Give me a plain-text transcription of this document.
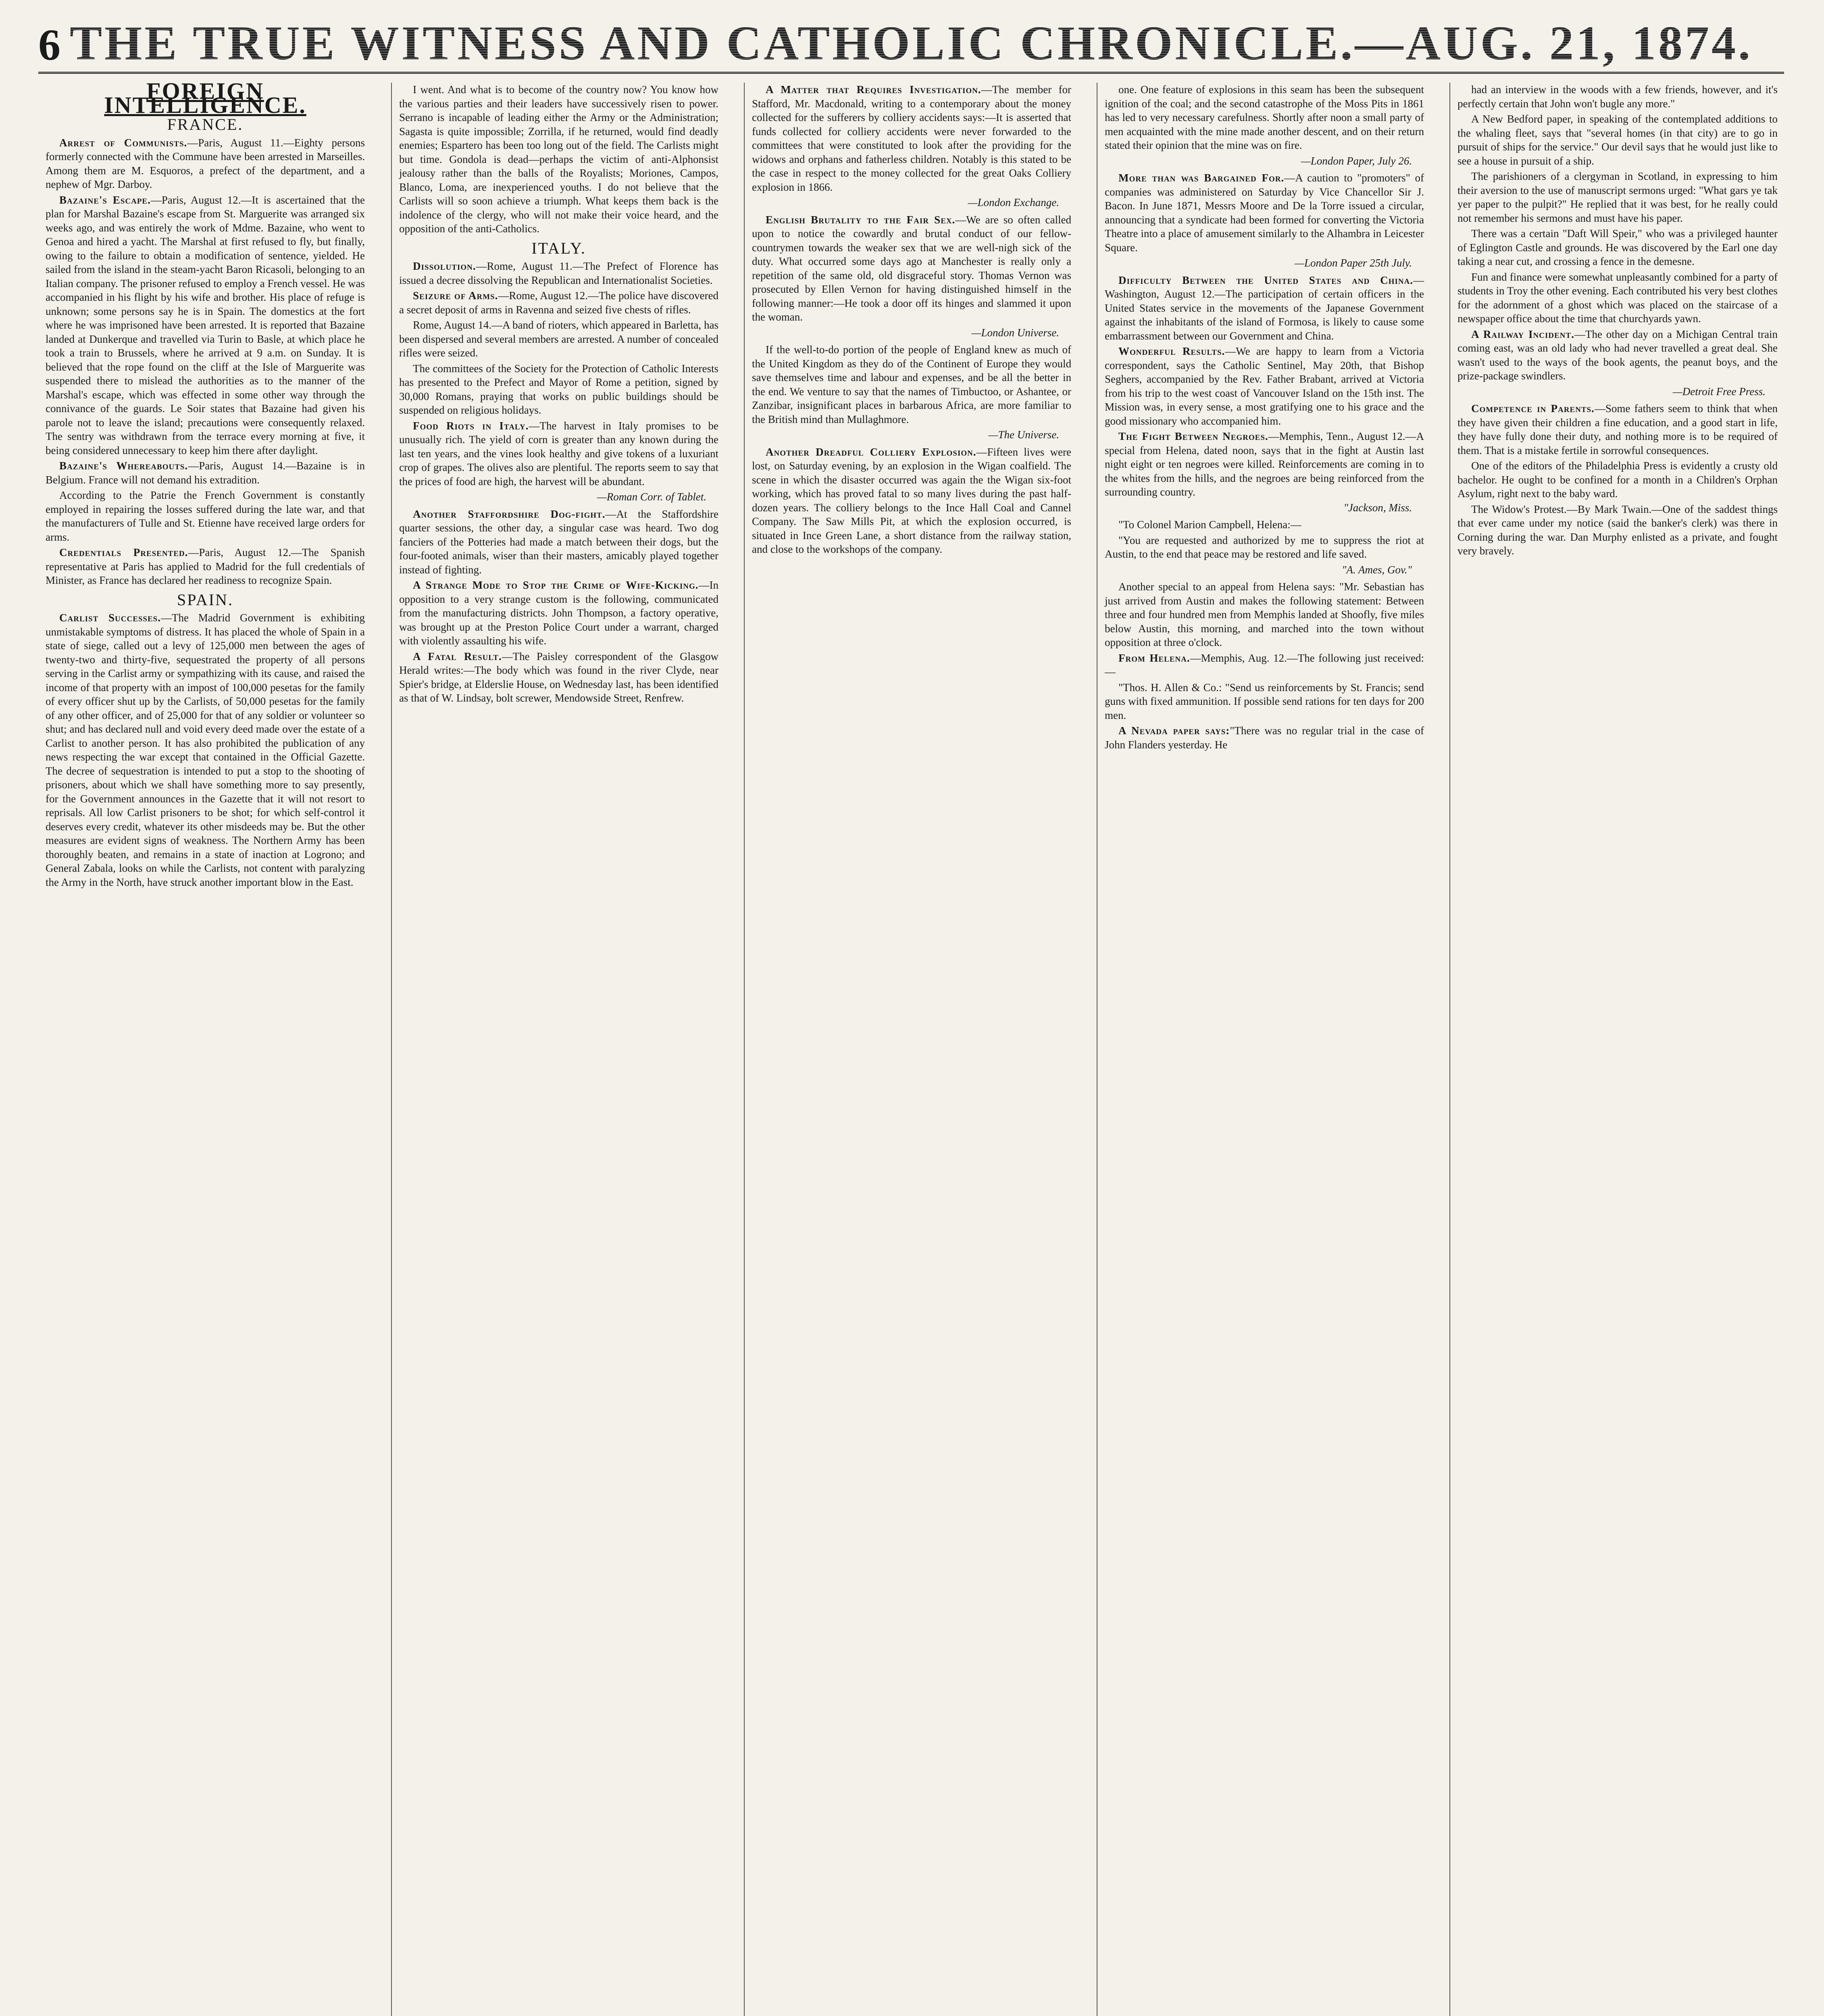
THE TRUE WITNESS AND CATHOLIC CHRONICLE.—AUG. 21, 1874.
FOREIGN INTELLIGENCE.
FRANCE.

Arrest of Communists.—Paris, August 11.—Eighty persons formerly connected with the Commune have been arrested in Marseilles. Among them are M. Esquoros, a prefect of the department, and a nephew of Mgr. Darboy.

Bazaine's Escape.—Paris, August 12.—It is ascertained that the plan for Marshal Bazaine's escape from St. Marguerite was arranged six weeks ago, and was entirely the work of Mdme. Bazaine, who went to Genoa and hired a yacht. The Marshal at first refused to fly, but finally, owing to the failure to obtain a modification of sentence, yielded. He sailed from the island in the steam-yacht Baron Ricasoli, belonging to an Italian company. The prisoner refused to employ a French vessel. He was accompanied in his flight by his wife and brother. His place of refuge is unknown; some persons say he is in Spain. The domestics at the fort where he was imprisoned have been arrested. It is reported that Bazaine landed at Dunkerque and travelled via Turin to Basle, at which place he took a train to Brussels, where he arrived at 9 a.m. on Sunday. It is believed that the rope found on the cliff at the Isle of Marguerite was suspended there to mislead the authorities as to the manner of the Marshal's escape, which was effected in some other way through the connivance of the guards. Le Soir states that Bazaine had given his parole not to leave the island; precautions were consequently relaxed. The sentry was withdrawn from the terrace every morning at five, it being considered unnecessary to keep him there after daylight.

Bazaine's Whereabouts.—Paris, August 14.—Bazaine is in Belgium. France will not demand his extradition.

According to the Patrie the French Government is constantly employed in repairing the losses suffered during the late war, and that the manufacturers of Tulle and St. Etienne have received large orders for arms.

Credentials Presented.—Paris, August 12.—The Spanish representative at Paris has applied to Madrid for the full credentials of Minister, as France has declared her readiness to recognize Spain.

SPAIN.

Carlist Successes.—The Madrid Government is exhibiting unmistakable symptoms of distress. It has placed the whole of Spain in a state of siege, called out a levy of 125,000 men between the ages of twenty-two and thirty-five, sequestrated the property of all persons serving in the Carlist army or sympathizing with its cause, and raised the income of that property with an impost of 100,000 pesetas for the family of every officer shut up by the Carlists, of 50,000 pesetas for the family of any other officer, and of 25,000 for that of any soldier or volunteer so shut; and has declared null and void every deed made over the estate of a Carlist to another person. It has also prohibited the publication of any news respecting the war except that contained in the Official Gazette. The decree of sequestration is intended to put a stop to the shooting of prisoners, about which we shall have something more to say presently, for the Government announces in the Gazette that it will not resort to reprisals. All low Carlist prisoners to be shot; for which self-control it deserves every credit, whatever its other misdeeds may be. But the other measures are evident signs of weakness. The Northern Army has been thoroughly beaten, and remains in a state of inaction at Logrono; and General Zabala, looks on while the Carlists, not content with paralyzing the Army in the North, have struck another important blow in the East.

I went. And what is to become of the country now? You know how the various parties and their leaders have successively risen to power. Serrano is incapable of leading either the Army or the Administration; Sagasta is quite impossible; Zorrilla, if he returned, would find deadly enemies; Espartero has been too long out of the field. The Carlists might but time. Gondola is dead—perhaps the victim of anti-Alphonsist jealousy rather than the balls of the Royalists; Moriones, Campos, Blanco, Loma, are inexperienced youths. I do not believe that the Carlists will so soon achieve a triumph. What keeps them back is the indolence of the clergy, who will not make their voice heard, and the opposition of the anti-Catholics.

ITALY.

Dissolution.—Rome, August 11.—The Prefect of Florence has issued a decree dissolving the Republican and Internationalist Societies.

Seizure of Arms.—Rome, August 12.—The police have discovered a secret deposit of arms in Ravenna and seized five chests of rifles.

Rome, August 14.—A band of rioters, which appeared in Barletta, has been dispersed and several members are arrested. A number of concealed rifles were seized.

The committees of the Society for the Protection of Catholic Interests has presented to the Prefect and Mayor of Rome a petition, signed by 30,000 Romans, praying that works on public buildings should be suspended on religious holidays.

Food Riots in Italy.—The harvest in Italy promises to be unusually rich. The yield of corn is greater than any known during the last ten years, and the vines look healthy and give tokens of a luxuriant crop of grapes. The olives also are plentiful. The reports seem to say that the prices of food are high, the harvest will be abundant.

—Roman Corr. of Tablet.

Another Staffordshire Dog-fight.—At the Staffordshire quarter sessions, the other day, a singular case was heard. Two dog fanciers of the Potteries had made a match between their dogs, but the four-footed animals, wiser than their masters, amicably played together instead of fighting.

A Strange Mode to Stop the Crime of Wife-Kicking.—In opposition to a very strange custom is the following, communicated from the manufacturing districts. John Thompson, a factory operative, was brought up at the Preston Police Court under a warrant, charged with violently assaulting his wife.

A Fatal Result.—The Paisley correspondent of the Glasgow Herald writes:—The body which was found in the river Clyde, near Spier's bridge, at Elderslie House, on Wednesday last, has been identified as that of W. Lindsay, bolt screwer, Mendowside Street, Renfrew.

A Matter that Requires Investigation.—The member for Stafford, Mr. Macdonald, writing to a contemporary about the money collected for the sufferers by colliery accidents says:—It is asserted that funds collected for colliery accidents were never forwarded to the committees that were constituted to look after the providing for the widows and orphans and fatherless children. Notably is this stated to be the case in respect to the money collected for the great Oaks Colliery explosion in 1866.

—London Exchange.

English Brutality to the Fair Sex.—We are so often called upon to notice the cowardly and brutal conduct of our fellow-countrymen towards the weaker sex that we are well-nigh sick of the duty. What occurred some days ago at Manchester is really only a repetition of the same old, old disgraceful story. Thomas Vernon was prosecuted by Ellen Vernon for having distinguished himself in the following manner:—He took a door off its hinges and slammed it upon the woman.

—London Universe.

If the well-to-do portion of the people of England knew as much of the United Kingdom as they do of the Continent of Europe they would save themselves time and labour and expenses, and be all the better in the end. We venture to say that the names of Timbuctoo, or Ashantee, or Zanzibar, insignificant places in barbarous Africa, are more familiar to the British mind than Mullaghmore.

—The Universe.

Another Dreadful Colliery Explosion.—Fifteen lives were lost, on Saturday evening, by an explosion in the Wigan coalfield. The scene in which the disaster occurred was again the the Wigan six-foot working, which has proved fatal to so many lives during the past half-dozen years. The colliery belongs to the Ince Hall Coal and Cannel Company. The Saw Mills Pit, at which the explosion occurred, is situated in Ince Green Lane, a short distance from the railway station, and close to the workshops of the company.

one. One feature of explosions in this seam has been the subsequent ignition of the coal; and the second catastrophe of the Moss Pits in 1861 has led to very necessary carefulness. Shortly after noon a small party of men acquainted with the mine made another descent, and on their return stated their opinion that the mine was on fire.

—London Paper, July 26.

More than was Bargained For.—A caution to "promoters" of companies was administered on Saturday by Vice Chancellor Sir J. Bacon. In June 1871, Messrs Moore and De la Torre issued a circular, announcing that a syndicate had been formed for converting the Victoria Theatre into a place of amusement similarly to the Alhambra in Leicester Square.

—London Paper 25th July.

Difficulty Between the United States and China.—Washington, August 12.—The participation of certain officers in the United States service in the movements of the Japanese Government against the inhabitants of the island of Formosa, is likely to cause some embarrassment between our Government and China.

Wonderful Results.—We are happy to learn from a Victoria correspondent, says the Catholic Sentinel, May 20th, that Bishop Seghers, accompanied by the Rev. Father Brabant, arrived at Victoria from his trip to the west coast of Vancouver Island on the 15th inst. The Mission was, in every sense, a most gratifying one to his grace and the good missionary who accompanied him.

The Fight Between Negroes.—Memphis, Tenn., August 12.—A special from Helena, dated noon, says that in the fight at Austin last night eight or ten negroes were killed. Reinforcements are coming in to the whites from the hills, and the negroes are being reinforced from the surrounding country.

"Jackson, Miss.

"To Colonel Marion Campbell, Helena:—

"You are requested and authorized by me to suppress the riot at Austin, to the end that peace may be restored and life saved.

"A. Ames, Gov."

Another special to an appeal from Helena says: "Mr. Sebastian has just arrived from Austin and makes the following statement: Between three and four hundred men from Memphis landed at Shoofly, five miles below Austin, this morning, and marched into the town without opposition at three o'clock.

From Helena.—Memphis, Aug. 12.—The following just received:—

"Thos. H. Allen & Co.: "Send us reinforcements by St. Francis; send guns with fixed ammunition. If possible send rations for ten days for 200 men.

A Nevada paper says:"There was no regular trial in the case of John Flanders yesterday. He

had an interview in the woods with a few friends, however, and it's perfectly certain that John won't bugle any more."

A New Bedford paper, in speaking of the contemplated additions to the whaling fleet, says that "several homes (in that city) are to go in pursuit of ships for the service." Our devil says that he would just like to see a house in pursuit of a ship.

The parishioners of a clergyman in Scotland, in expressing to him their aversion to the use of manuscript sermons urged: "What gars ye tak yer paper to the pulpit?" He replied that it was best, for he really could not remember his sermons and must have his paper.

There was a certain "Daft Will Speir," who was a privileged haunter of Eglington Castle and grounds. He was discovered by the Earl one day taking a near cut, and crossing a fence in the demesne.

Fun and finance were somewhat unpleasantly combined for a party of students in Troy the other evening. Each contributed his very best clothes for the adornment of a ghost which was placed on the staircase of a newspaper office about the time that churchyards yawn.

A Railway Incident.—The other day on a Michigan Central train coming east, was an old lady who had never travelled a great deal. She wasn't used to the ways of the book agents, the peanut boys, and the prize-package swindlers.

—Detroit Free Press.

Competence in Parents.—Some fathers seem to think that when they have given their children a fine education, and a good start in life, they have fully done their duty, and nothing more is to be required of them. That is a mistake fertile in sorrowful consequences.

One of the editors of the Philadelphia Press is evidently a crusty old bachelor. He ought to be confined for a month in a Children's Orphan Asylum, right next to the baby ward.

The Widow's Protest.—By Mark Twain.—One of the saddest things that ever came under my notice (said the banker's clerk) was there in Corning during the war. Dan Murphy enlisted as a private, and fought very bravely.
